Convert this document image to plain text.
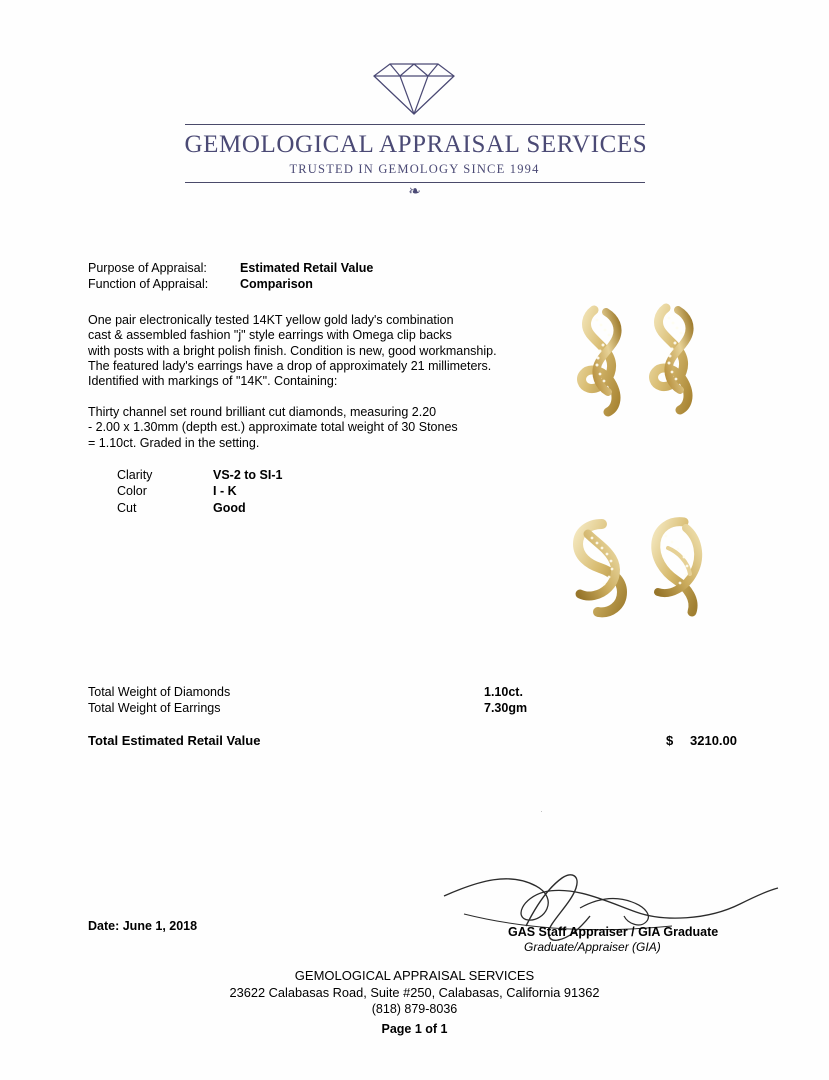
GEMOLOGICAL APPRAISAL SERVICES
TRUSTED IN GEMOLOGY SINCE 1994
❧
Purpose of Appraisal:	Estimated Retail Value
Function of Appraisal:	Comparison

One pair electronically tested 14KT yellow gold lady's combination

cast & assembled fashion "j" style earrings with Omega clip backs

with posts with a bright polish finish. Condition is new, good workmanship.

The featured lady's earrings have a drop of approximately 21 millimeters.

Identified with markings of "14K". Containing:

Thirty channel set round brilliant cut diamonds, measuring 2.20

- 2.00 x 1.30mm (depth est.) approximate total weight of 30 Stones

= 1.10ct. Graded in the setting.

Clarity	VS-2 to SI-1
Color	I - K
Cut	Good
Total Weight of Diamonds	1.10ct.
Total Weight of Earrings	7.30gm
Total Estimated Retail Value	$ 3210.00
·
GAS Staff Appraiser / GIA Graduate
Graduate/Appraiser (GIA)
Date: June 1, 2018
GEMOLOGICAL APPRAISAL SERVICES
23622 Calabasas Road, Suite #250, Calabasas, California 91362
(818) 879-8036
Page 1 of 1
